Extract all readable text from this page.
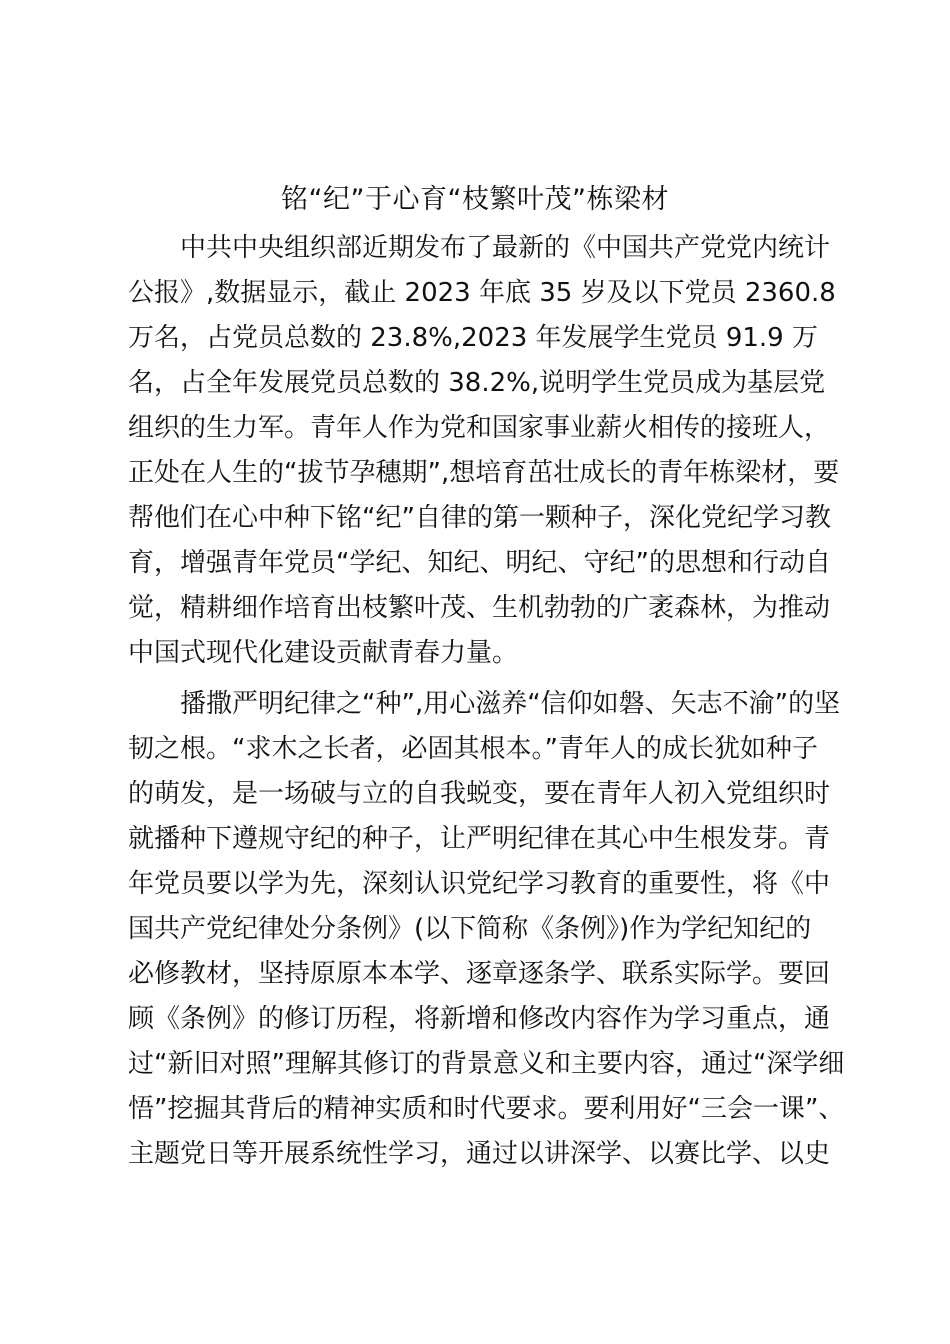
铭“纪”于心育“枝繁叶茂”栋梁材
中共中央组织部近期发布了最新的《中国共产党党内统计
公报》,数据显示，截止 2023 年底 35 岁及以下党员 2360.8
万名，占党员总数的 23.8%,2023 年发展学生党员 91.9 万
名，占全年发展党员总数的 38.2%,说明学生党员成为基层党
组织的生力军。青年人作为党和国家事业薪火相传的接班人，
正处在人生的“拔节孕穗期”,想培育茁壮成长的青年栋梁材，要
帮他们在心中种下铭“纪”自律的第一颗种子，深化党纪学习教
育，增强青年党员“学纪、知纪、明纪、守纪”的思想和行动自
觉，精耕细作培育出枝繁叶茂、生机勃勃的广袤森林，为推动
中国式现代化建设贡献青春力量。
播撒严明纪律之“种”,用心滋养“信仰如磐、矢志不渝”的坚
韧之根。“求木之长者，必固其根本。”青年人的成长犹如种子
的萌发，是一场破与立的自我蜕变，要在青年人初入党组织时
就播种下遵规守纪的种子，让严明纪律在其心中生根发芽。青
年党员要以学为先，深刻认识党纪学习教育的重要性，将《中
国共产党纪律处分条例》(以下简称《条例》)作为学纪知纪的
必修教材，坚持原原本本学、逐章逐条学、联系实际学。要回
顾《条例》的修订历程，将新增和修改内容作为学习重点，通
过“新旧对照”理解其修订的背景意义和主要内容，通过“深学细
悟”挖掘其背后的精神实质和时代要求。要利用好“三会一课”、
主题党日等开展系统性学习，通过以讲深学、以赛比学、以史
